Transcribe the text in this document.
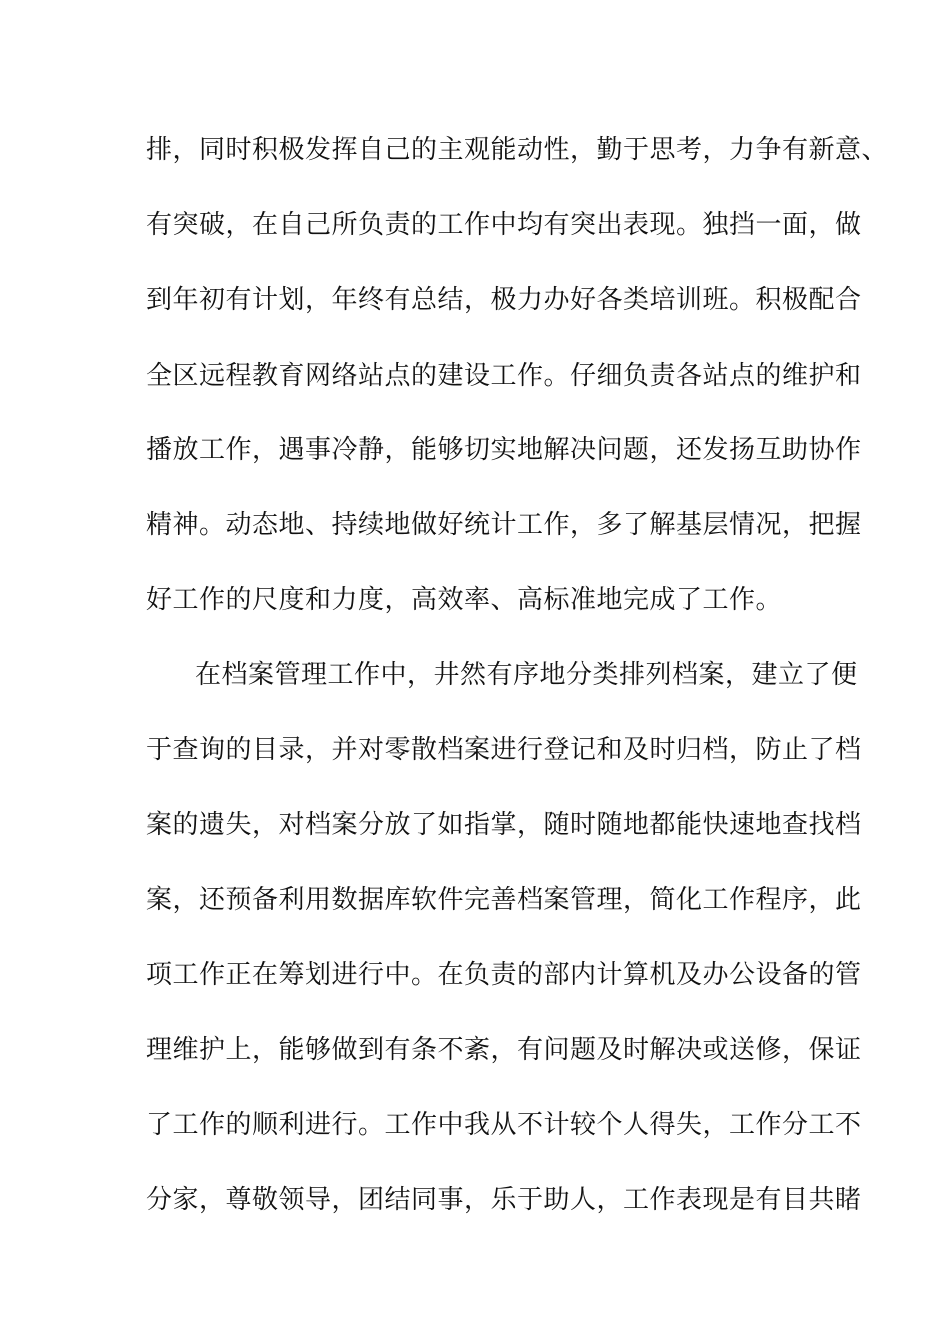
排，同时积极发挥自己的主观能动性，勤于思考，力争有新意、
有突破，在自己所负责的工作中均有突出表现。独挡一面，做
到年初有计划，年终有总结，极力办好各类培训班。积极配合
全区远程教育网络站点的建设工作。仔细负责各站点的维护和
播放工作，遇事冷静，能够切实地解决问题，还发扬互助协作
精神。动态地、持续地做好统计工作，多了解基层情况，把握
好工作的尺度和力度，高效率、高标准地完成了工作。
在档案管理工作中，井然有序地分类排列档案，建立了便
于查询的目录，并对零散档案进行登记和及时归档，防止了档
案的遗失，对档案分放了如指掌，随时随地都能快速地查找档
案，还预备利用数据库软件完善档案管理，简化工作程序，此
项工作正在筹划进行中。在负责的部内计算机及办公设备的管
理维护上，能够做到有条不紊，有问题及时解决或送修，保证
了工作的顺利进行。工作中我从不计较个人得失，工作分工不
分家，尊敬领导，团结同事，乐于助人，工作表现是有目共睹
